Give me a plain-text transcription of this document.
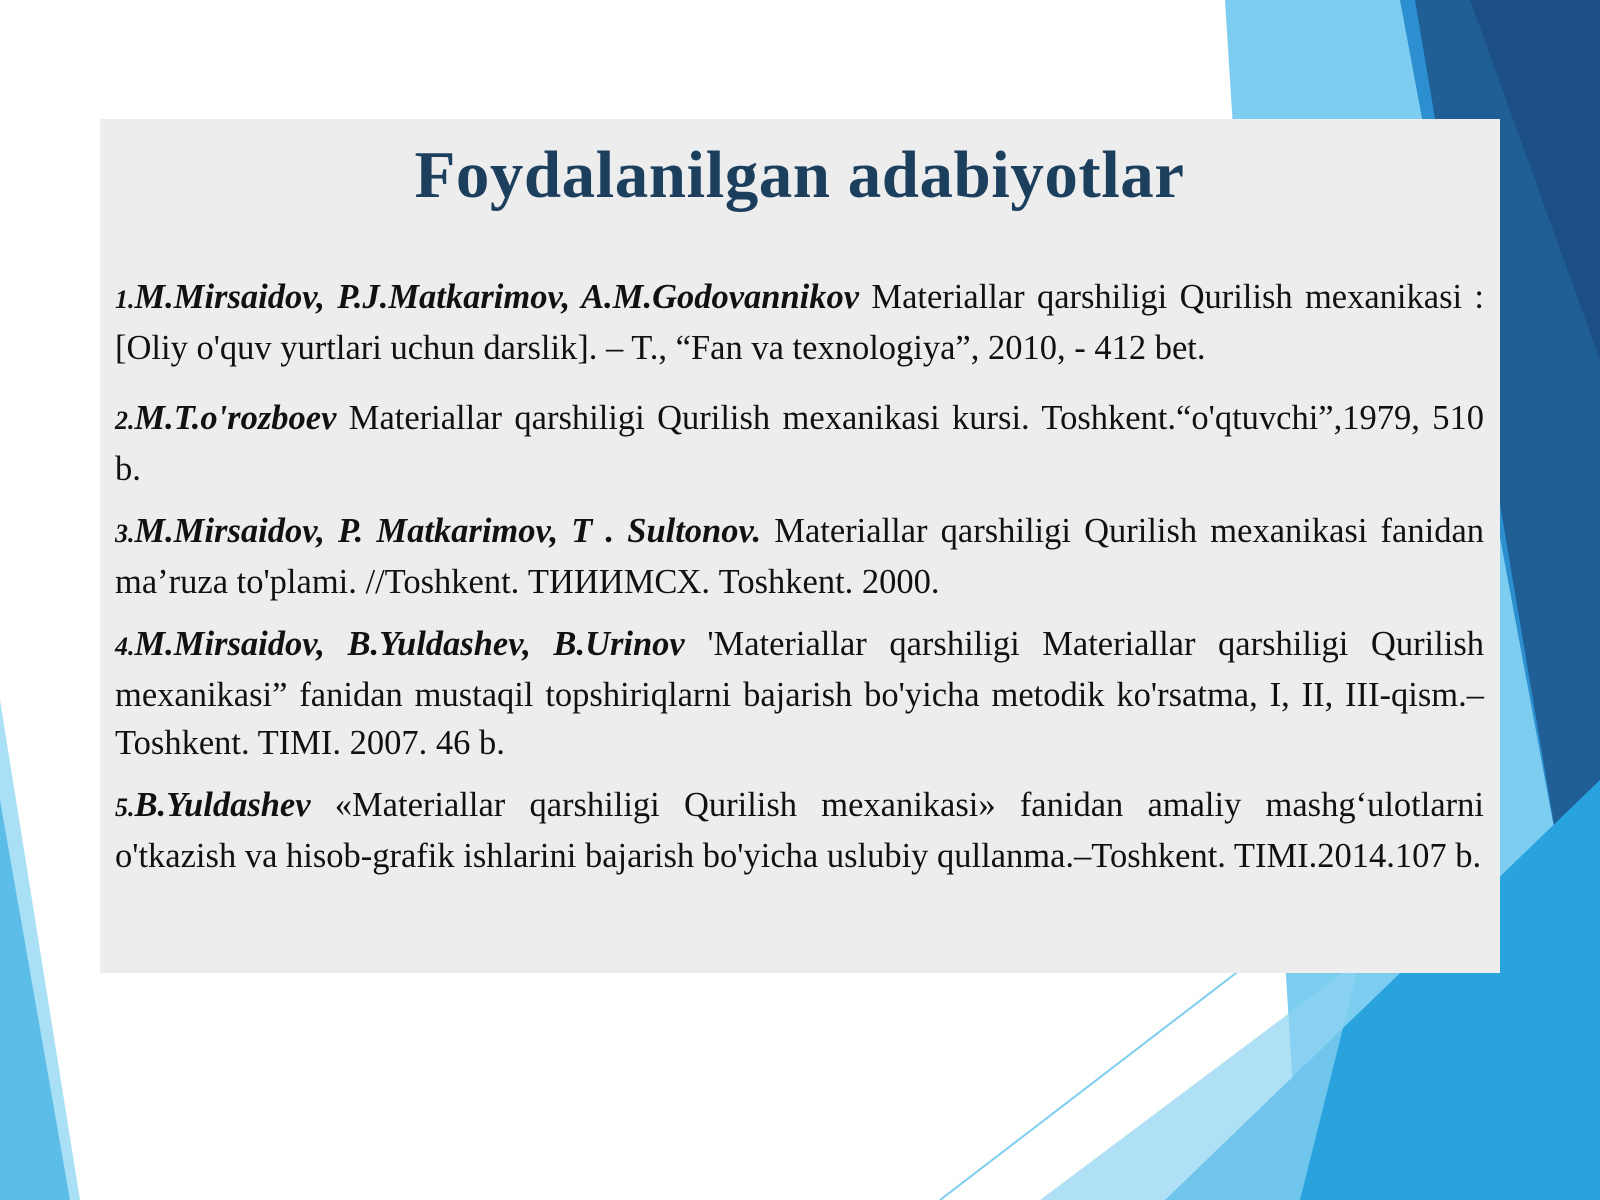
Foydalanilgan adabiyotlar
1.M.Mirsaidov, P.J.Matkarimov, A.M.Godovannikov Materiallar qarshiligi Qurilish mexanikasi : [Oliy o'quv yurtlari uchun darslik]. – T., “Fan va texnologiya”, 2010, - 412 bet.
2.M.T.o'rozboev Materiallar qarshiligi Qurilish mexanikasi kursi. Toshkent.“o'qtuvchi”,1979, 510 b.
3.M.Mirsaidov, P. Matkarimov, T . Sultonov. Materiallar qarshiligi Qurilish mexanikasi fanidan ma’ruza to'plami. //Toshkent. ТИИИМСХ. Toshkent. 2000.
4.M.Mirsaidov, B.Yuldashev, B.Urinov 'Materiallar qarshiligi Materiallar qarshiligi Qurilish mexanikasi” fanidan mustaqil topshiriqlarni bajarish bo'yicha metodik ko'rsatma, I, II, III-qism.–Toshkent. TIMI. 2007. 46 b.
5.B.Yuldashev «Materiallar qarshiligi Qurilish mexanikasi» fanidan amaliy mashg‘ulotlarni o'tkazish va hisob-grafik ishlarini bajarish bo'yicha uslubiy qullanma.–Toshkent. TIMI.2014.107 b.
